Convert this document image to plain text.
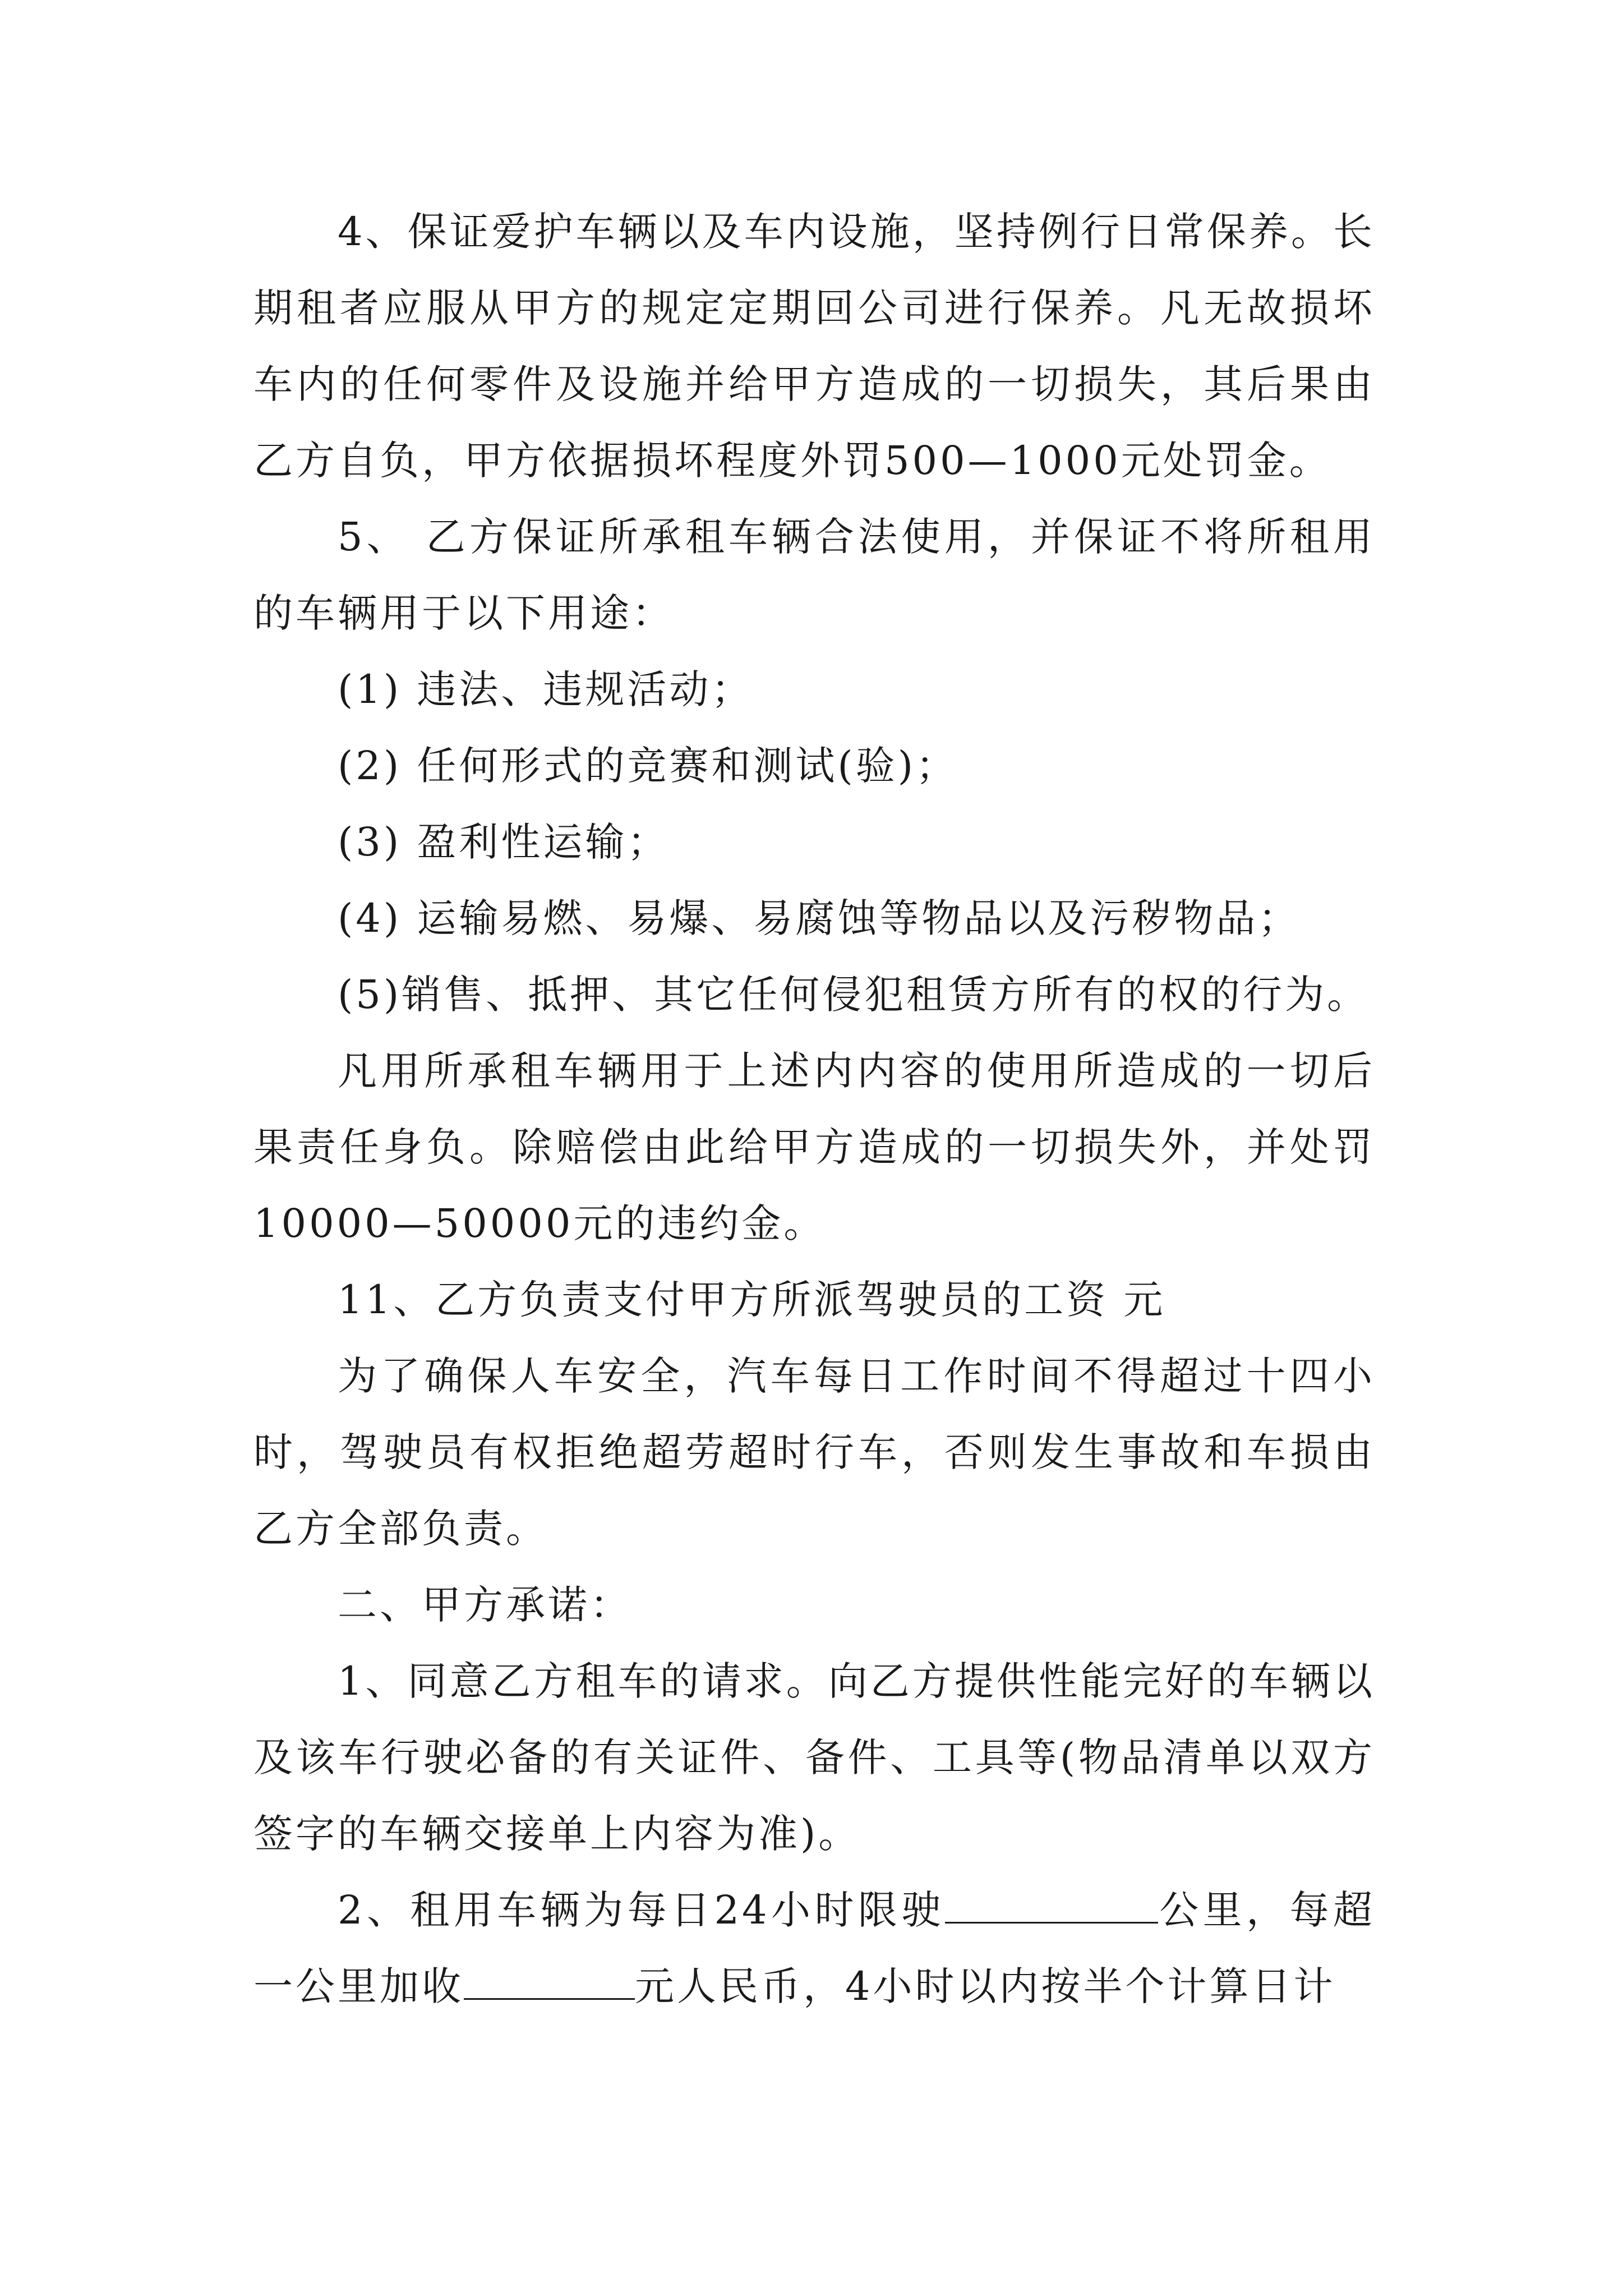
4、保证爱护车辆以及车内设施，坚持例行日常保养。长期租者应服从甲方的规定定期回公司进行保养。凡无故损坏车内的任何零件及设施并给甲方造成的一切损失，其后果由乙方自负，甲方依据损坏程度外罚500—1000元处罚金。

5、 乙方保证所承租车辆合法使用，并保证不将所租用的车辆用于以下用途：

(1) 违法、违规活动；

(2) 任何形式的竞赛和测试(验)；

(3) 盈利性运输；

(4) 运输易燃、易爆、易腐蚀等物品以及污秽物品；

(5)销售、抵押、其它任何侵犯租赁方所有的权的行为。

凡用所承租车辆用于上述内内容的使用所造成的一切后果责任身负。除赔偿由此给甲方造成的一切损失外，并处罚10000—50000元的违约金。

11、乙方负责支付甲方所派驾驶员的工资 元

为了确保人车安全，汽车每日工作时间不得超过十四小时，驾驶员有权拒绝超劳超时行车，否则发生事故和车损由乙方全部负责。

二、甲方承诺：

1、同意乙方租车的请求。向乙方提供性能完好的车辆以及该车行驶必备的有关证件、备件、工具等(物品清单以双方签字的车辆交接单上内容为准)。

2、租用车辆为每日24小时限驶	公里，每超一公里加收	元人民币，4小时以内按半个计算日计
